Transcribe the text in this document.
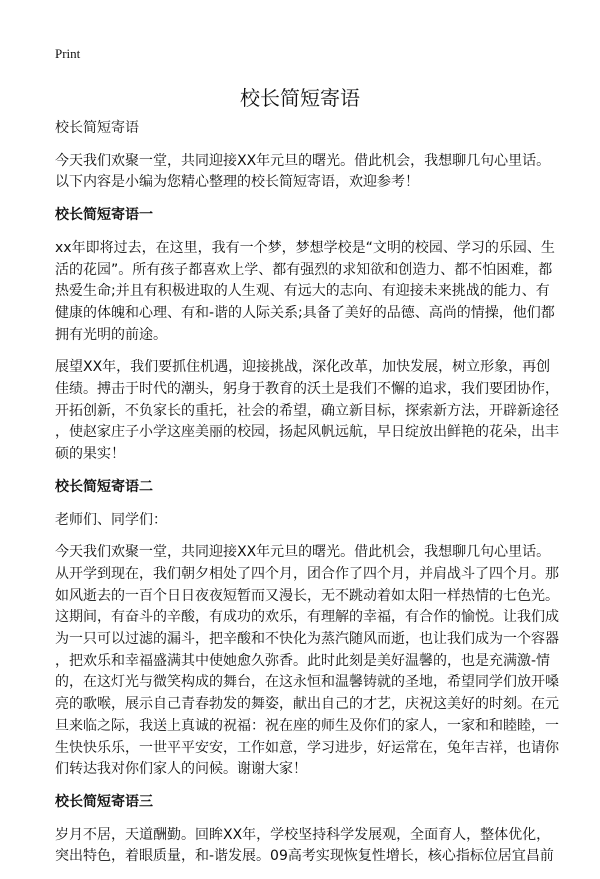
Print
校长简短寄语

校长简短寄语

今天我们欢聚一堂，共同迎接XX年元旦的曙光。借此机会，我想聊几句心里话。
以下内容是小编为您精心整理的校长简短寄语，欢迎参考！

校长简短寄语一

xx年即将过去，在这里，我有一个梦，梦想学校是“文明的校园、学习的乐园、生
活的花园”。所有孩子都喜欢上学、都有强烈的求知欲和创造力、都不怕困难，都
热爱生命;并且有积极进取的人生观、有远大的志向、有迎接未来挑战的能力、有
健康的体魄和心理、有和-谐的人际关系;具备了美好的品德、高尚的情操，他们都
拥有光明的前途。

展望XX年，我们要抓住机遇，迎接挑战，深化改革，加快发展，树立形象，再创
佳绩。搏击于时代的潮头，躬身于教育的沃土是我们不懈的追求，我们要团协作，
开拓创新，不负家长的重托，社会的希望，确立新目标，探索新方法，开辟新途径
，使赵家庄子小学这座美丽的校园，扬起风帆远航，早日绽放出鲜艳的花朵，出丰
硕的果实！

校长简短寄语二

老师们、同学们：

今天我们欢聚一堂，共同迎接XX年元旦的曙光。借此机会，我想聊几句心里话。
从开学到现在，我们朝夕相处了四个月，团合作了四个月，并肩战斗了四个月。那
如风逝去的一百个日日夜夜短暂而又漫长，无不跳动着如太阳一样热情的七色光。
这期间，有奋斗的辛酸，有成功的欢乐，有理解的幸福，有合作的愉悦。让我们成
为一只可以过滤的漏斗，把辛酸和不快化为蒸汽随风而逝，也让我们成为一个容器
，把欢乐和幸福盛满其中使她愈久弥香。此时此刻是美好温馨的，也是充满激-情
的，在这灯光与微笑构成的舞台，在这永恒和温馨铸就的圣地，希望同学们放开嗓
亮的歌喉，展示自己青春勃发的舞姿，献出自己的才艺，庆祝这美好的时刻。在元
旦来临之际，我送上真诚的祝福：祝在座的师生及你们的家人，一家和和睦睦，一
生快快乐乐，一世平平安安，工作如意，学习进步，好运常在，兔年吉祥，也请你
们转达我对你们家人的问候。谢谢大家！

校长简短寄语三

岁月不居，天道酬勤。回眸XX年，学校坚持科学发展观，全面育人，整体优化，
突出特色，着眼质量，和-谐发展。09高考实现恢复性增长，核心指标位居宜昌前
